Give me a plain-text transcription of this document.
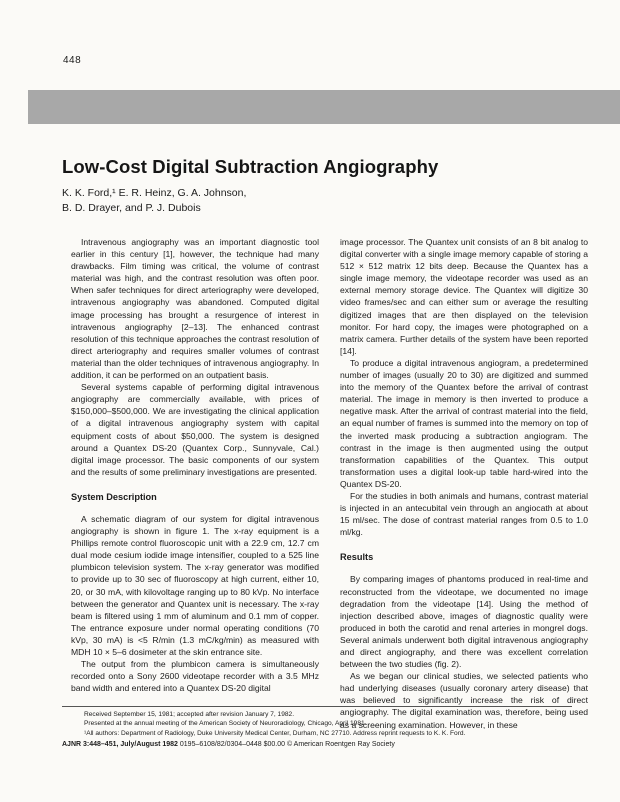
448
Low-Cost Digital Subtraction Angiography
K. K. Ford,¹ E. R. Heinz, G. A. Johnson,
B. D. Drayer, and P. J. Dubois

Intravenous angiography was an important diagnostic tool earlier in this century [1], however, the technique had many drawbacks. Film timing was critical, the volume of contrast material was high, and the contrast resolution was often poor. When safer techniques for direct arteriography were developed, intravenous angiography was abandoned. Computed digital image processing has brought a resurgence of interest in intravenous angiography [2–13]. The enhanced contrast resolution of this technique approaches the contrast resolution of direct arteriography and requires smaller volumes of contrast material than the older techniques of intravenous angiography. In addition, it can be performed on an outpatient basis.

Several systems capable of performing digital intravenous angiography are commercially available, with prices of $150,000–$500,000. We are investigating the clinical application of a digital intravenous angiography system with capital equipment costs of about $50,000. The system is designed around a Quantex DS-20 (Quantex Corp., Sunnyvale, Cal.) digital image processor. The basic components of our system and the results of some preliminary investigations are presented.

System Description

A schematic diagram of our system for digital intravenous angiography is shown in figure 1. The x-ray equipment is a Phillips remote control fluoroscopic unit with a 22.9 cm, 12.7 cm dual mode cesium iodide image intensifier, coupled to a 525 line plumbicon television system. The x-ray generator was modified to provide up to 30 sec of fluoroscopy at high current, either 10, 20, or 30 mA, with kilovoltage ranging up to 80 kVp. No interface between the generator and Quantex unit is necessary. The x-ray beam is filtered using 1 mm of aluminum and 0.1 mm of copper. The entrance exposure under normal operating conditions (70 kVp, 30 mA) is <5 R/min (1.3 mC/kg/min) as measured with MDH 10 × 5–6 dosimeter at the skin entrance site.

The output from the plumbicon camera is simultaneously recorded onto a Sony 2600 videotape recorder with a 3.5 MHz band width and entered into a Quantex DS-20 digital

image processor. The Quantex unit consists of an 8 bit analog to digital converter with a single image memory capable of storing a 512 × 512 matrix 12 bits deep. Because the Quantex has a single image memory, the videotape recorder was used as an external memory storage device. The Quantex will digitize 30 video frames/sec and can either sum or average the resulting digitized images that are then displayed on the television monitor. For hard copy, the images were photographed on a matrix camera. Further details of the system have been reported [14].

To produce a digital intravenous angiogram, a predetermined number of images (usually 20 to 30) are digitized and summed into the memory of the Quantex before the arrival of contrast material. The image in memory is then inverted to produce a negative mask. After the arrival of contrast material into the field, an equal number of frames is summed into the memory on top of the inverted mask producing a subtraction angiogram. The contrast in the image is then augmented using the output transformation capabilities of the Quantex. This output transformation uses a digital look-up table hard-wired into the Quantex DS-20.

For the studies in both animals and humans, contrast material is injected in an antecubital vein through an angiocath at about 15 ml/sec. The dose of contrast material ranges from 0.5 to 1.0 ml/kg.

Results

By comparing images of phantoms produced in real-time and reconstructed from the videotape, we documented no image degradation from the videotape [14]. Using the method of injection described above, images of diagnostic quality were produced in both the carotid and renal arteries in mongrel dogs. Several animals underwent both digital intravenous angiography and direct angiography, and there was excellent correlation between the two studies (fig. 2).

As we began our clinical studies, we selected patients who had underlying diseases (usually coronary artery disease) that was believed to significantly increase the risk of direct angiography. The digital examination was, therefore, being used as a screening examination. However, in these

Received September 15, 1981; accepted after revision January 7, 1982.
Presented at the annual meeting of the American Society of Neuroradiology, Chicago, April 1981.
¹All authors: Department of Radiology, Duke University Medical Center, Durham, NC 27710. Address reprint requests to K. K. Ford.
AJNR 3:448–451, July/August 1982 0195–6108/82/0304–0448 $00.00 © American Roentgen Ray Society
